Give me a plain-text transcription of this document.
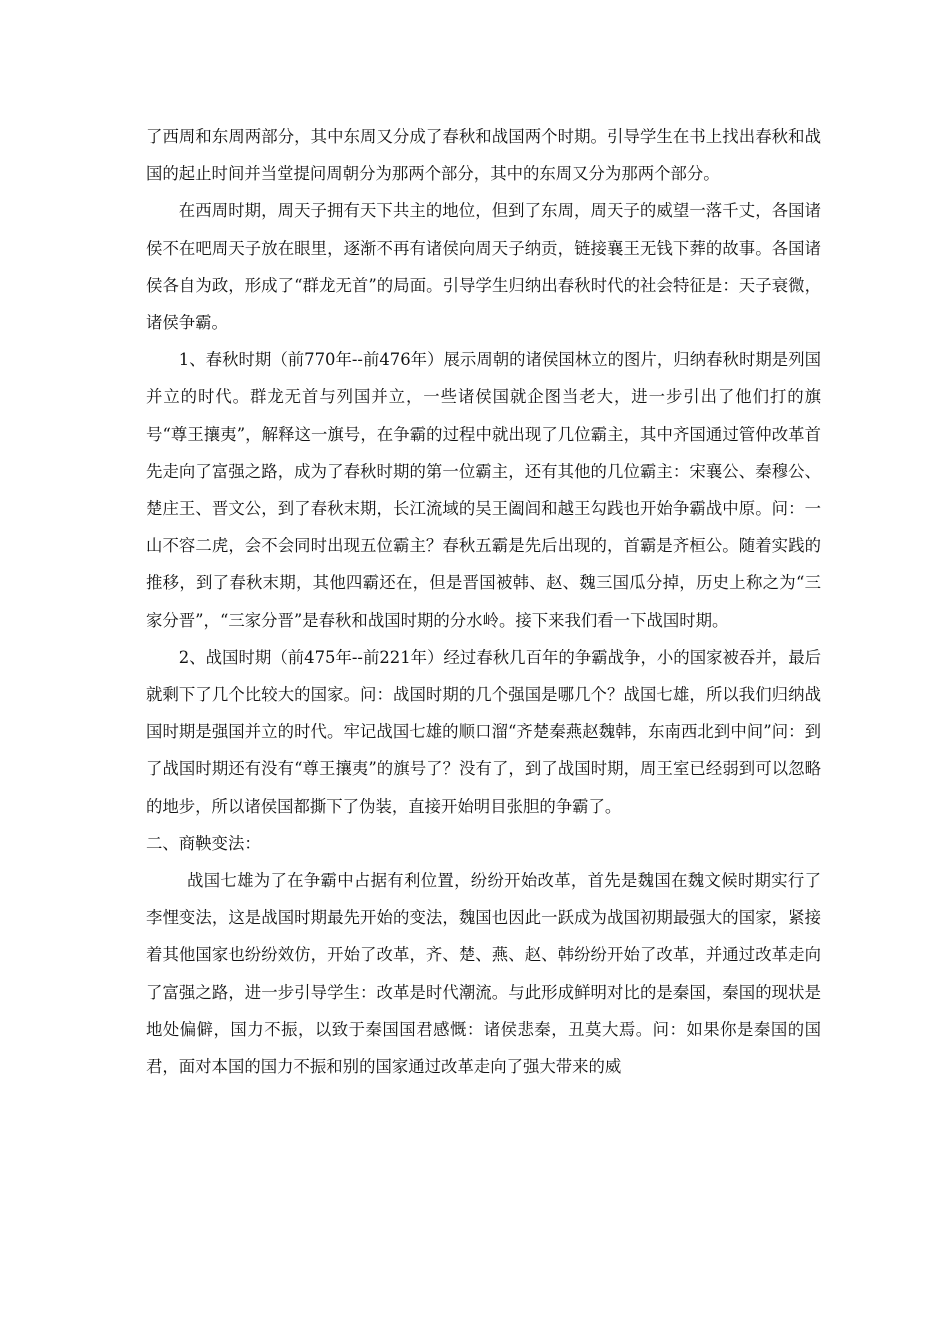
了西周和东周两部分，其中东周又分成了春秋和战国两个时期。引导学生在书上找出春秋和战国的起止时间并当堂提问周朝分为那两个部分，其中的东周又分为那两个部分。

在西周时期，周天子拥有天下共主的地位，但到了东周，周天子的威望一落千丈，各国诸侯不在吧周天子放在眼里，逐渐不再有诸侯向周天子纳贡，链接襄王无钱下葬的故事。各国诸侯各自为政，形成了“群龙无首”的局面。引导学生归纳出春秋时代的社会特征是：天子衰微，诸侯争霸。

1、春秋时期（前770年--前476年）展示周朝的诸侯国林立的图片，归纳春秋时期是列国并立的时代。群龙无首与列国并立，一些诸侯国就企图当老大，进一步引出了他们打的旗号“尊王攘夷”，解释这一旗号，在争霸的过程中就出现了几位霸主，其中齐国通过管仲改革首先走向了富强之路，成为了春秋时期的第一位霸主，还有其他的几位霸主：宋襄公、秦穆公、楚庄王、晋文公，到了春秋末期，长江流域的吴王阖闾和越王勾践也开始争霸战中原。问：一山不容二虎，会不会同时出现五位霸主？春秋五霸是先后出现的，首霸是齐桓公。随着实践的推移，到了春秋末期，其他四霸还在，但是晋国被韩、赵、魏三国瓜分掉，历史上称之为“三家分晋”，“三家分晋”是春秋和战国时期的分水岭。接下来我们看一下战国时期。

2、战国时期（前475年--前221年）经过春秋几百年的争霸战争，小的国家被吞并，最后就剩下了几个比较大的国家。问：战国时期的几个强国是哪几个？战国七雄，所以我们归纳战国时期是强国并立的时代。牢记战国七雄的顺口溜“齐楚秦燕赵魏韩，东南西北到中间”问：到了战国时期还有没有“尊王攘夷”的旗号了？没有了，到了战国时期，周王室已经弱到可以忽略的地步，所以诸侯国都撕下了伪装，直接开始明目张胆的争霸了。

二、商鞅变法：

战国七雄为了在争霸中占据有利位置，纷纷开始改革，首先是魏国在魏文候时期实行了李悝变法，这是战国时期最先开始的变法，魏国也因此一跃成为战国初期最强大的国家，紧接着其他国家也纷纷效仿，开始了改革，齐、楚、燕、赵、韩纷纷开始了改革，并通过改革走向了富强之路，进一步引导学生：改革是时代潮流。与此形成鲜明对比的是秦国，秦国的现状是地处偏僻，国力不振，以致于秦国国君感慨：诸侯悲秦，丑莫大焉。问：如果你是秦国的国君，面对本国的国力不振和别的国家通过改革走向了强大带来的威
